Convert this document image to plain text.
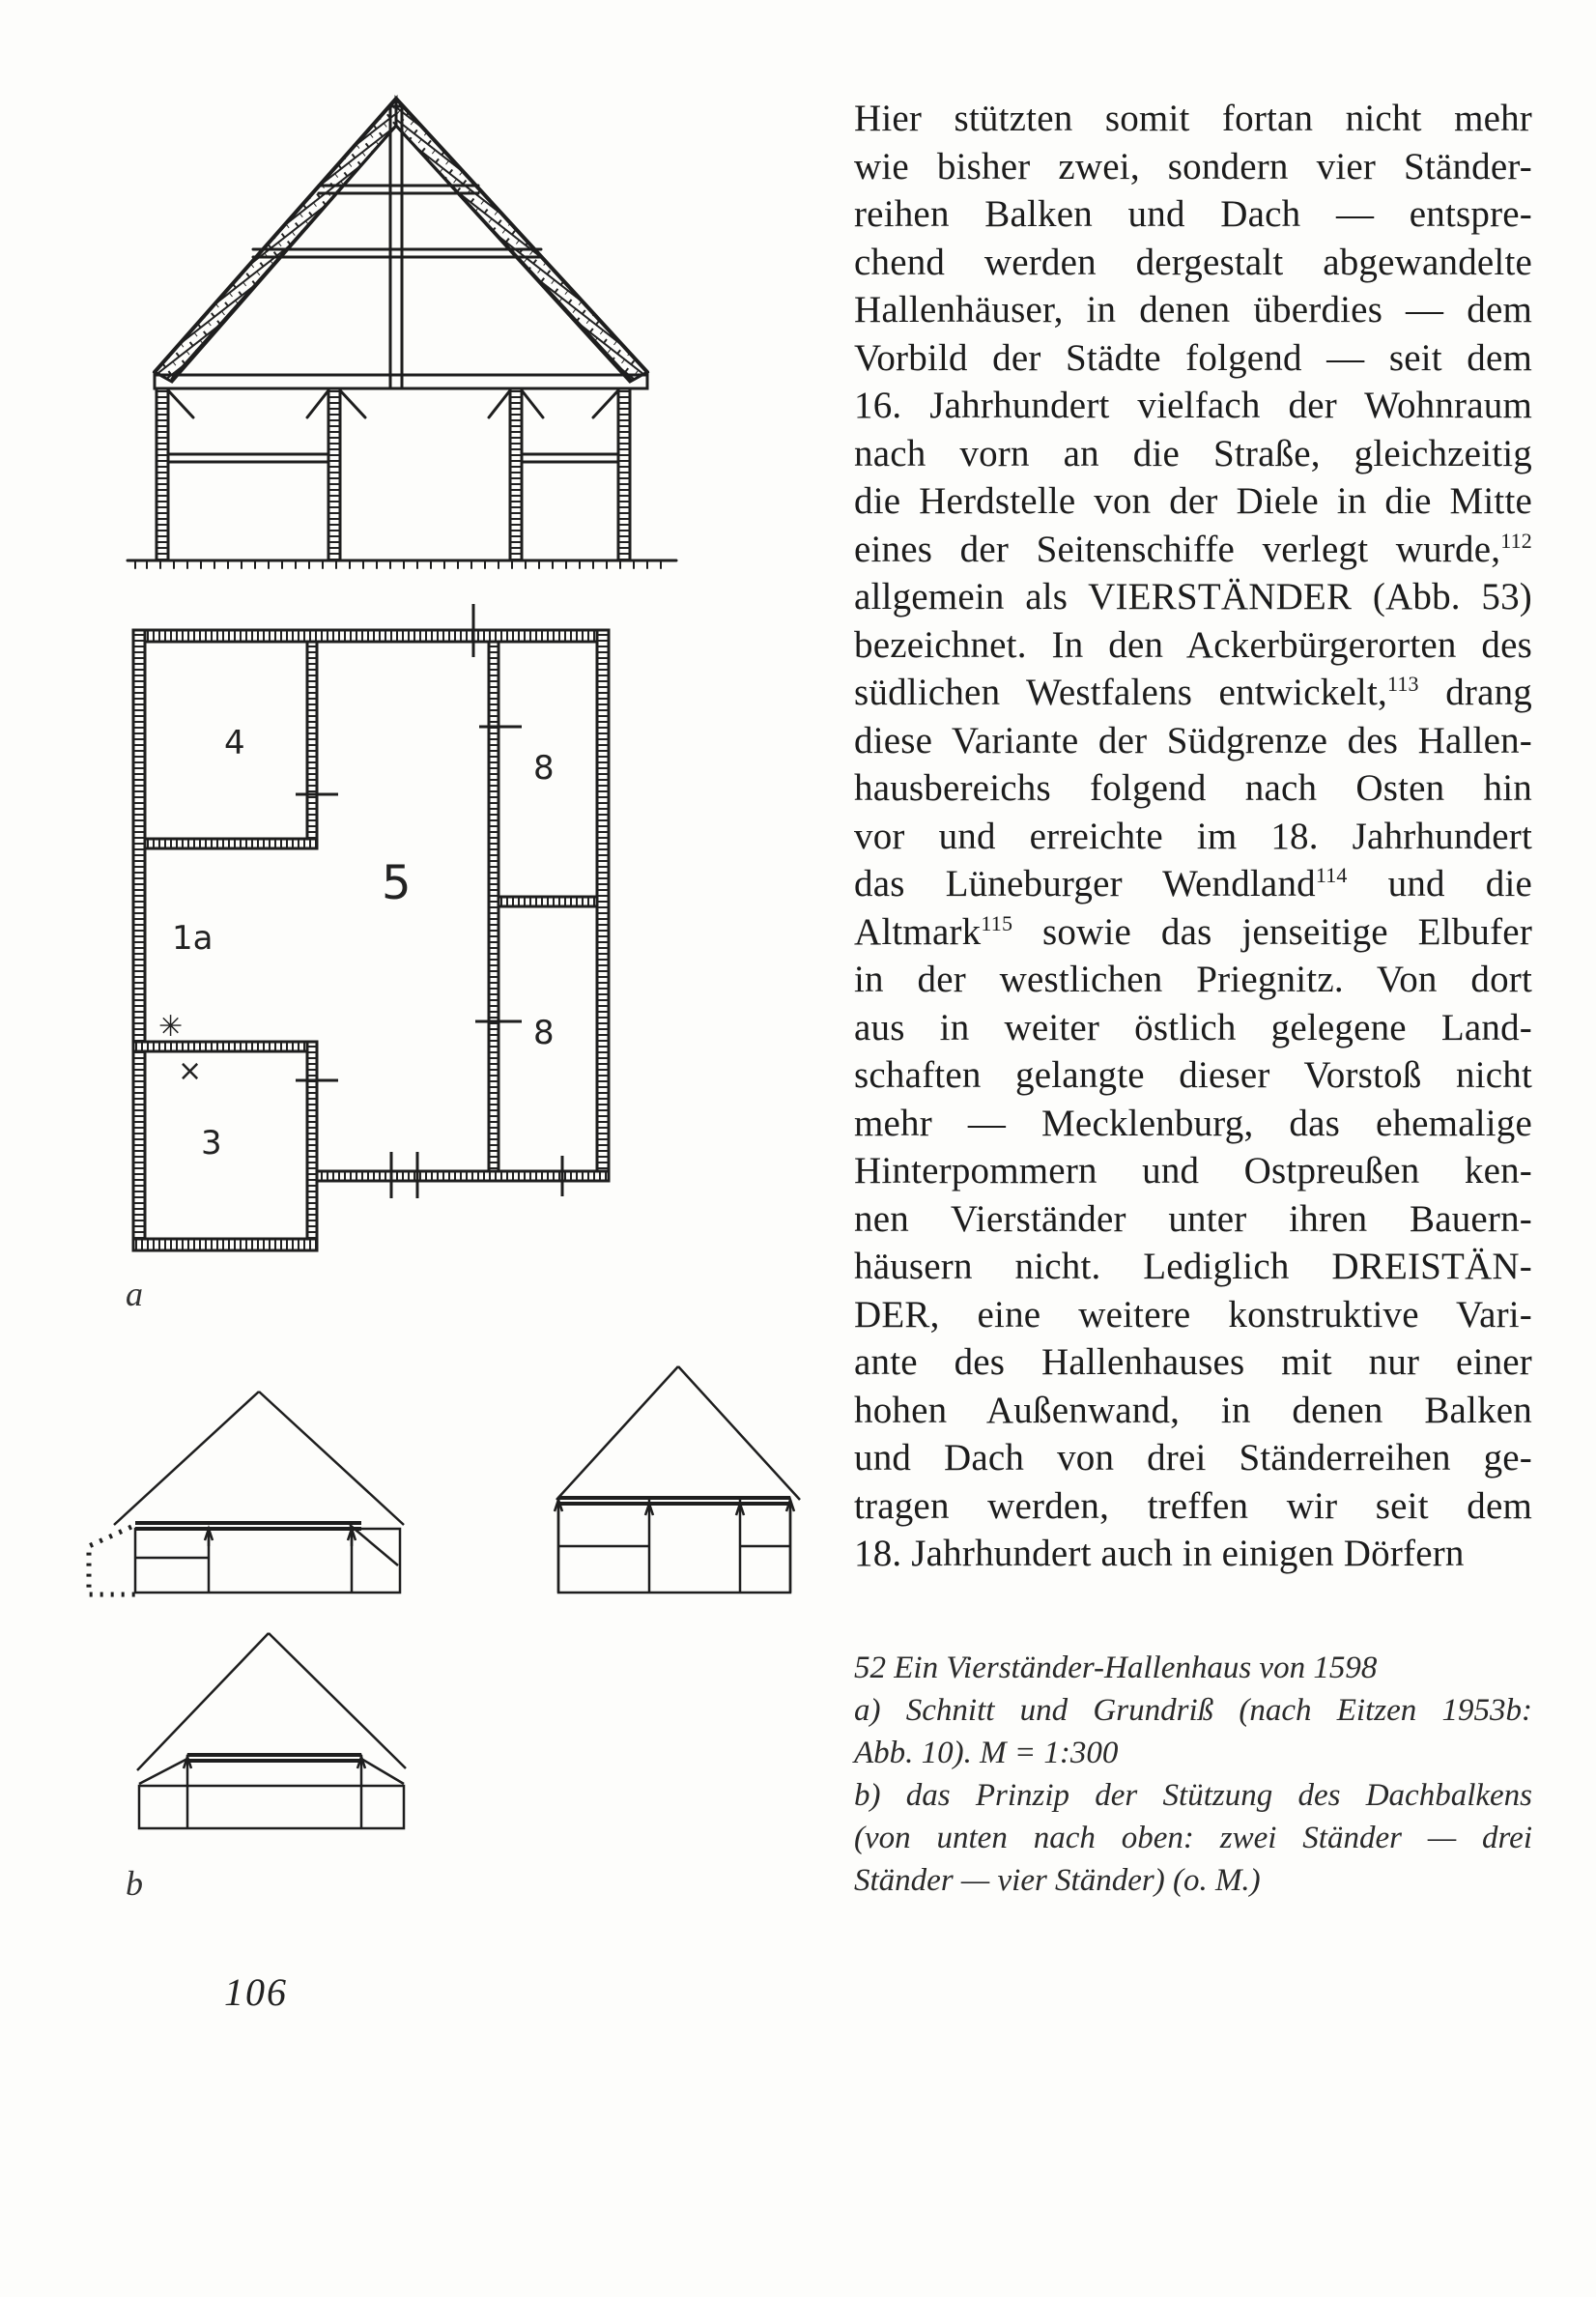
4
5
1a
3
8
8
✳
×
a
b
Hier stützten somit fortan nicht mehr
wie bisher zwei, sondern vier Ständer-
reihen Balken und Dach — entspre-
chend werden dergestalt abgewandelte
Hallenhäuser, in denen überdies — dem
Vorbild der Städte folgend — seit dem
16. Jahrhundert vielfach der Wohnraum
nach vorn an die Straße, gleichzeitig
die Herdstelle von der Diele in die Mitte
eines der Seitenschiffe verlegt wurde,$^{112}$
allgemein als VIERSTÄNDER (Abb. 53)
bezeichnet. In den Ackerbürgerorten des
südlichen Westfalens entwickelt,$^{113}$ drang
diese Variante der Südgrenze des Hallen-
hausbereichs folgend nach Osten hin
vor und erreichte im 18. Jahrhundert
das Lüneburger Wendland$^{114}$ und die
Altmark$^{115}$ sowie das jenseitige Elbufer
in der westlichen Priegnitz. Von dort
aus in weiter östlich gelegene Land-
schaften gelangte dieser Vorstoß nicht
mehr — Mecklenburg, das ehemalige
Hinterpommern und Ostpreußen ken-
nen Vierständer unter ihren Bauern-
häusern nicht. Lediglich DREISTÄN-
DER, eine weitere konstruktive Vari-
ante des Hallenhauses mit nur einer
hohen Außenwand, in denen Balken
und Dach von drei Ständerreihen ge-
tragen werden, treffen wir seit dem
18. Jahrhundert auch in einigen Dörfern
52 Ein Vierständer-Hallenhaus von 1598
a) Schnitt und Grundriß (nach Eitzen 1953b:
Abb. 10). M = 1:300
b) das Prinzip der Stützung des Dachbalkens
(von unten nach oben: zwei Ständer — drei
Ständer — vier Ständer) (o. M.)
106
